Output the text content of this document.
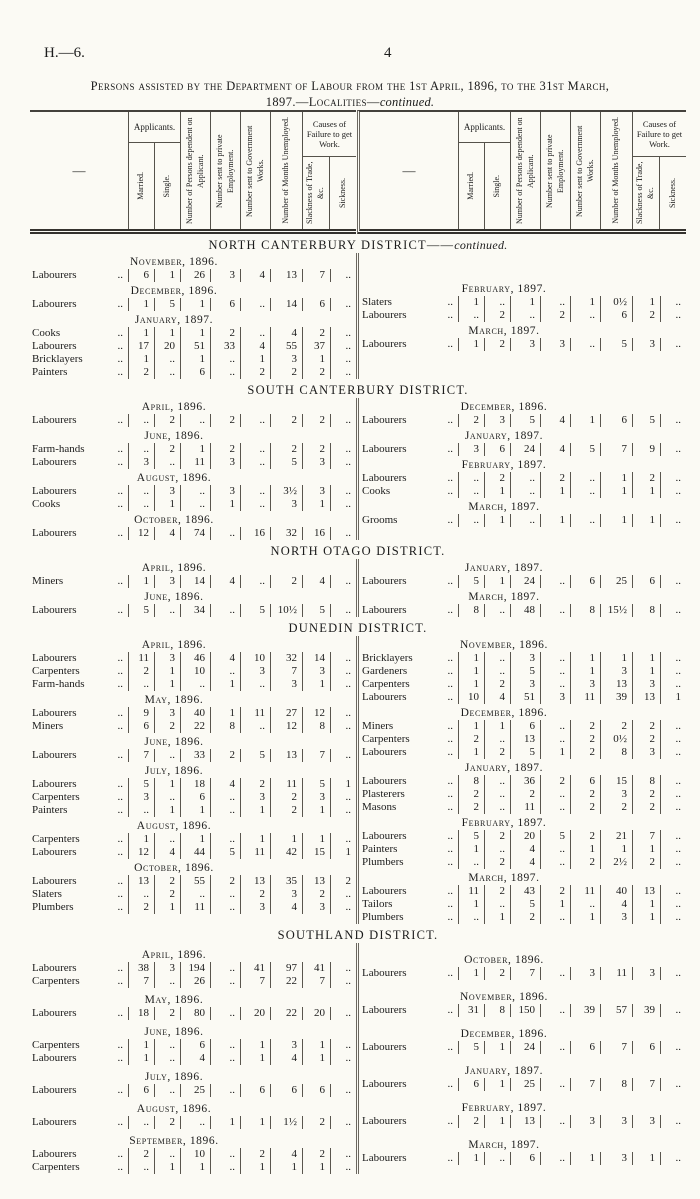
H.—6.	4
Persons assisted by the Department of Labour from the 1st April, 1896, to the 31st March,
1897.—Localities—continued.
—
Applicants.
Married. Single. Number of Persons dependent on Applicant. Number sent to private Employment. Number sent to Government Works. Number of Months Unemployed.	Causes of Failure to get Work.
Slackness of Trade, &c. Sickness.
—
Applicants.
Married. Single. Number of Persons dependent on Applicant. Number sent to private Employment. Number sent to Government Works. Number of Months Unemployed.	Causes of Failure to get Work.
Slackness of Trade, &c. Sickness.
NORTH CANTERBURY DISTRICT——continued.
November, 1896.
Labourers	..	6	1	26	3	4	13	7	..
December, 1896.
Labourers	..	1	5	1	6	..	14	6	..
January, 1897.
Cooks	..	1	1	1	2	..	4	2	..
Labourers	..	17	20	51	33	4	55	37	..
Bricklayers	..	1	..	1	..	1	3	1	..
Painters	..	2	..	6	..	2	2	2	..
February, 1897.
Slaters	..	1	..	1	..	1	0½	1	..
Labourers	..	..	2	..	2	..	6	2	..
March, 1897.
Labourers	..	1	2	3	3	..	5	3	..
SOUTH CANTERBURY DISTRICT.
April, 1896.
Labourers	..	..	2	..	2	..	2	2	..
June, 1896.
Farm-hands	..	..	2	1	2	..	2	2	..
Labourers	..	3	..	11	3	..	5	3	..
August, 1896.
Labourers	..	..	3	..	3	..	3½	3	..
Cooks	..	..	1	..	1	..	3	1	..
October, 1896.
Labourers	..	12	4	74	..	16	32	16	..
December, 1896.
Labourers	..	2	3	5	4	1	6	5	..
January, 1897.
Labourers	..	3	6	24	4	5	7	9	..
February, 1897.
Labourers	..	..	2	..	2	..	1	2	..
Cooks	..	..	1	..	1	..	1	1	..
March, 1897.
Grooms	..	..	1	..	1	..	1	1	..
NORTH OTAGO DISTRICT.
April, 1896.
Miners	..	1	3	14	4	..	2	4	..
June, 1896.
Labourers	..	5	..	34	..	5	10½	5	..
January, 1897.
Labourers	..	5	1	24	..	6	25	6	..
March, 1897.
Labourers	..	8	..	48	..	8	15½	8	..
DUNEDIN DISTRICT.
April, 1896.
Labourers	..	11	3	46	4	10	32	14	..
Carpenters	..	2	1	10	..	3	7	3	..
Farm-hands	..	..	1	..	1	..	3	1	..
May, 1896.
Labourers	..	9	3	40	1	11	27	12	..
Miners	..	6	2	22	8	..	12	8	..
June, 1896.
Labourers	..	7	..	33	2	5	13	7	..
July, 1896.
Labourers	..	5	1	18	4	2	11	5	1
Carpenters	..	3	..	6	..	3	2	3	..
Painters	..	..	1	1	..	1	2	1	..
August, 1896.
Carpenters	..	1	..	1	..	1	1	1	..
Labourers	..	12	4	44	5	11	42	15	1
October, 1896.
Labourers	..	13	2	55	2	13	35	13	2
Slaters	..	..	2	..	..	2	3	2	..
Plumbers	..	2	1	11	..	3	4	3	..
November, 1896.
Bricklayers	..	1	..	3	..	1	1	1	..
Gardeners	..	1	..	5	..	1	3	1	..
Carpenters	..	1	2	3	..	3	13	3	..
Labourers	..	10	4	51	3	11	39	13	1
December, 1896.
Miners	..	1	1	6	..	2	2	2	..
Carpenters	..	2	..	13	..	2	0½	2	..
Labourers	..	1	2	5	1	2	8	3	..
January, 1897.
Labourers	..	8	..	36	2	6	15	8	..
Plasterers	..	2	..	2	..	2	3	2	..
Masons	..	2	..	11	..	2	2	2	..
February, 1897.
Labourers	..	5	2	20	5	2	21	7	..
Painters	..	1	..	4	..	1	1	1	..
Plumbers	..	..	2	4	..	2	2½	2	..
March, 1897.
Labourers	..	11	2	43	2	11	40	13	..
Tailors	..	1	..	5	1	..	4	1	..
Plumbers	..	..	1	2	..	1	3	1	..
SOUTHLAND DISTRICT.
April, 1896.
Labourers	..	38	3	194	..	41	97	41	..
Carpenters	..	7	..	26	..	7	22	7	..
May, 1896.
Labourers	..	18	2	80	..	20	22	20	..
June, 1896.
Carpenters	..	1	..	6	..	1	3	1	..
Labourers	..	1	..	4	..	1	4	1	..
July, 1896.
Labourers	..	6	..	25	..	6	6	6	..
August, 1896.
Labourers	..	..	2	..	1	1	1½	2	..
September, 1896.
Labourers	..	2	..	10	..	2	4	2	..
Carpenters	..	..	1	1	..	1	1	1	..
October, 1896.
Labourers	..	1	2	7	..	3	11	3	..
November, 1896.
Labourers	..	31	8	150	..	39	57	39	..
December, 1896.
Labourers	..	5	1	24	..	6	7	6	..
January, 1897.
Labourers	..	6	1	25	..	7	8	7	..
February, 1897.
Labourers	..	2	1	13	..	3	3	3	..
March, 1897.
Labourers	..	1	..	6	..	1	3	1	..
